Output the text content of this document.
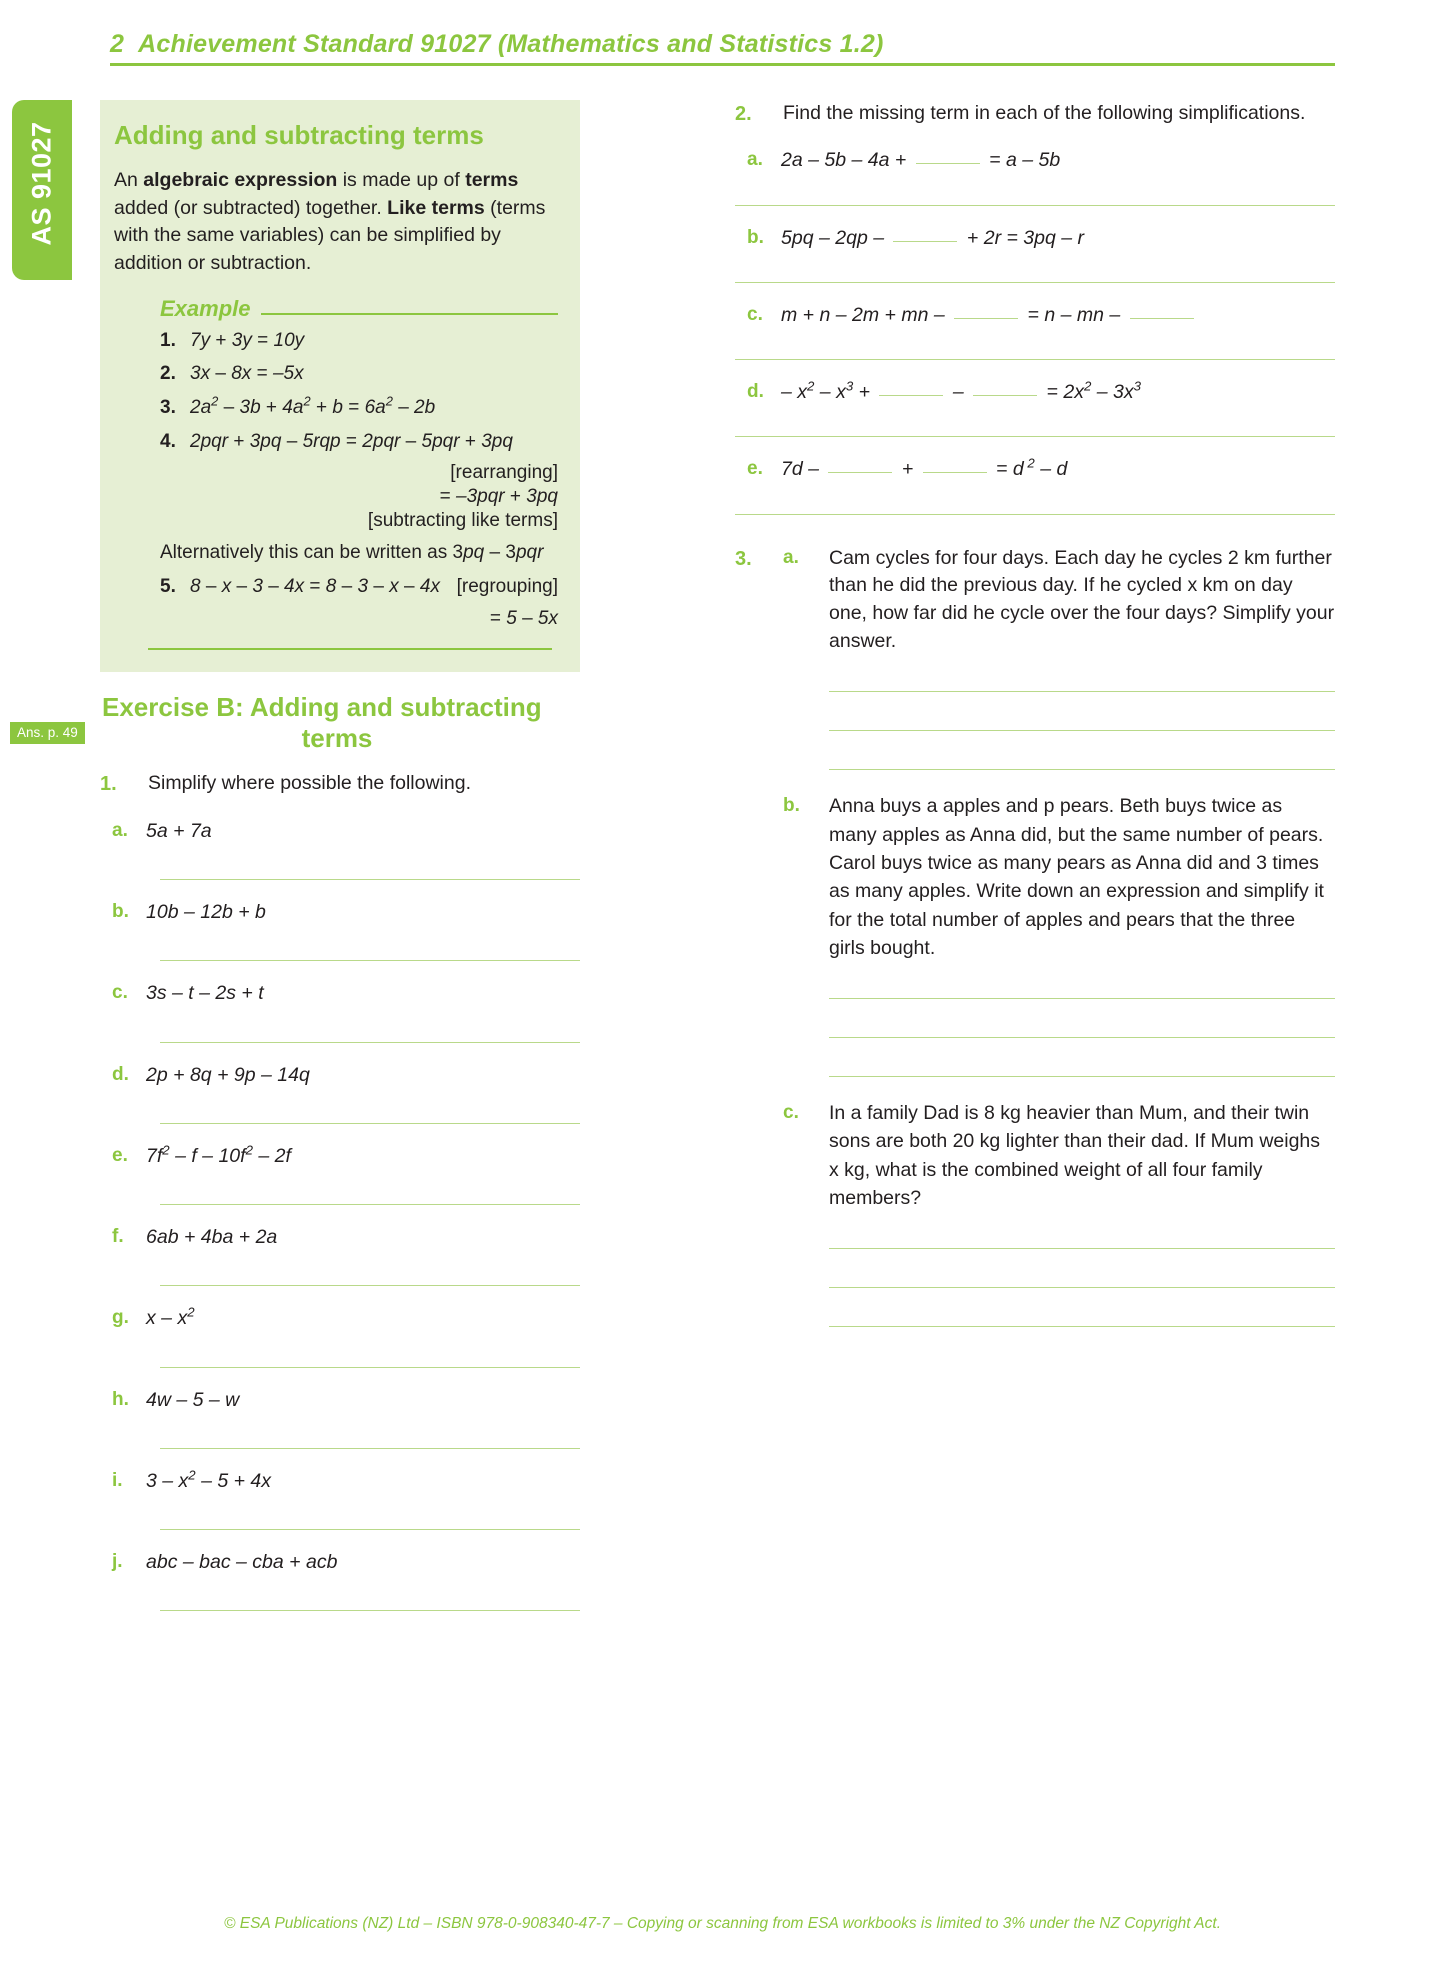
2 Achievement Standard 91027 (Mathematics and Statistics 1.2)
AS 91027 Adding and subtracting terms
An algebraic expression is made up of terms added (or subtracted) together. Like terms (terms with the same variables) can be simplified by addition or subtraction.
Example
1. 7y + 3y = 10y
2. 3x – 8x = –5x
3. $2a^2 - 3b + 4a^2 + b = 6a^2 - 2b$
4. 2pqr + 3pq – 5rqp = 2pqr – 5pqr + 3pq
[rearranging]
= –3pqr + 3pq
[subtracting like terms]
Alternatively this can be written as 3pq – 3pqr
5. 8 – x – 3 – 4x = 8 – 3 – x – 4x [regrouping]
= 5 – 5x
Exercise B: Adding and subtracting
terms
1.	Simplify where possible the following.
a. 5a + 7a
b. 10b – 12b + b
c. 3s – t – 2s + t
d. 2p + 8q + 9p – 14q
e. $7f^2$ – f – $10f^2 - 2f$
f.	6ab + 4ba + 2a
g. x – $x^2$
h. 4w – 5 – w
i.	$3 - x^2 - 5 + 4x$
j.	abc – bac – cba + acb
Ans. p. 49
2.	Find the missing term in each of the following simplifications.
a. 2a – 5b – 4a +	= a – 5b
b. 5pq – 2qp –	+ 2r = 3pq – r
c. m + n – 2m + mn –	= n – mn –
d. – $x^2 - x^3$ +	–	= $2x^2 - 3x^3$
e. 7d –	+	= d $^2$ – d
3.	a.	Cam cycles for four days. Each day he cycles 2 km further than he did the previous day. If he cycled x km on day one, how far did he cycle over the four days? Simplify your answer.
b.	Anna buys a apples and p pears. Beth buys twice as many apples as Anna did, but the same number of pears. Carol buys twice as many pears as Anna did and 3 times as many apples. Write down an expression and simplify it for the total number of apples and pears that the three girls bought.
c.	In a family Dad is 8 kg heavier than Mum, and their twin sons are both 20 kg lighter than their dad. If Mum weighs x kg, what is the combined weight of all four family members?
© ESA Publications (NZ) Ltd – ISBN 978-0-908340-47-7 – Copying or scanning from ESA workbooks is limited to 3% under the NZ Copyright Act.
